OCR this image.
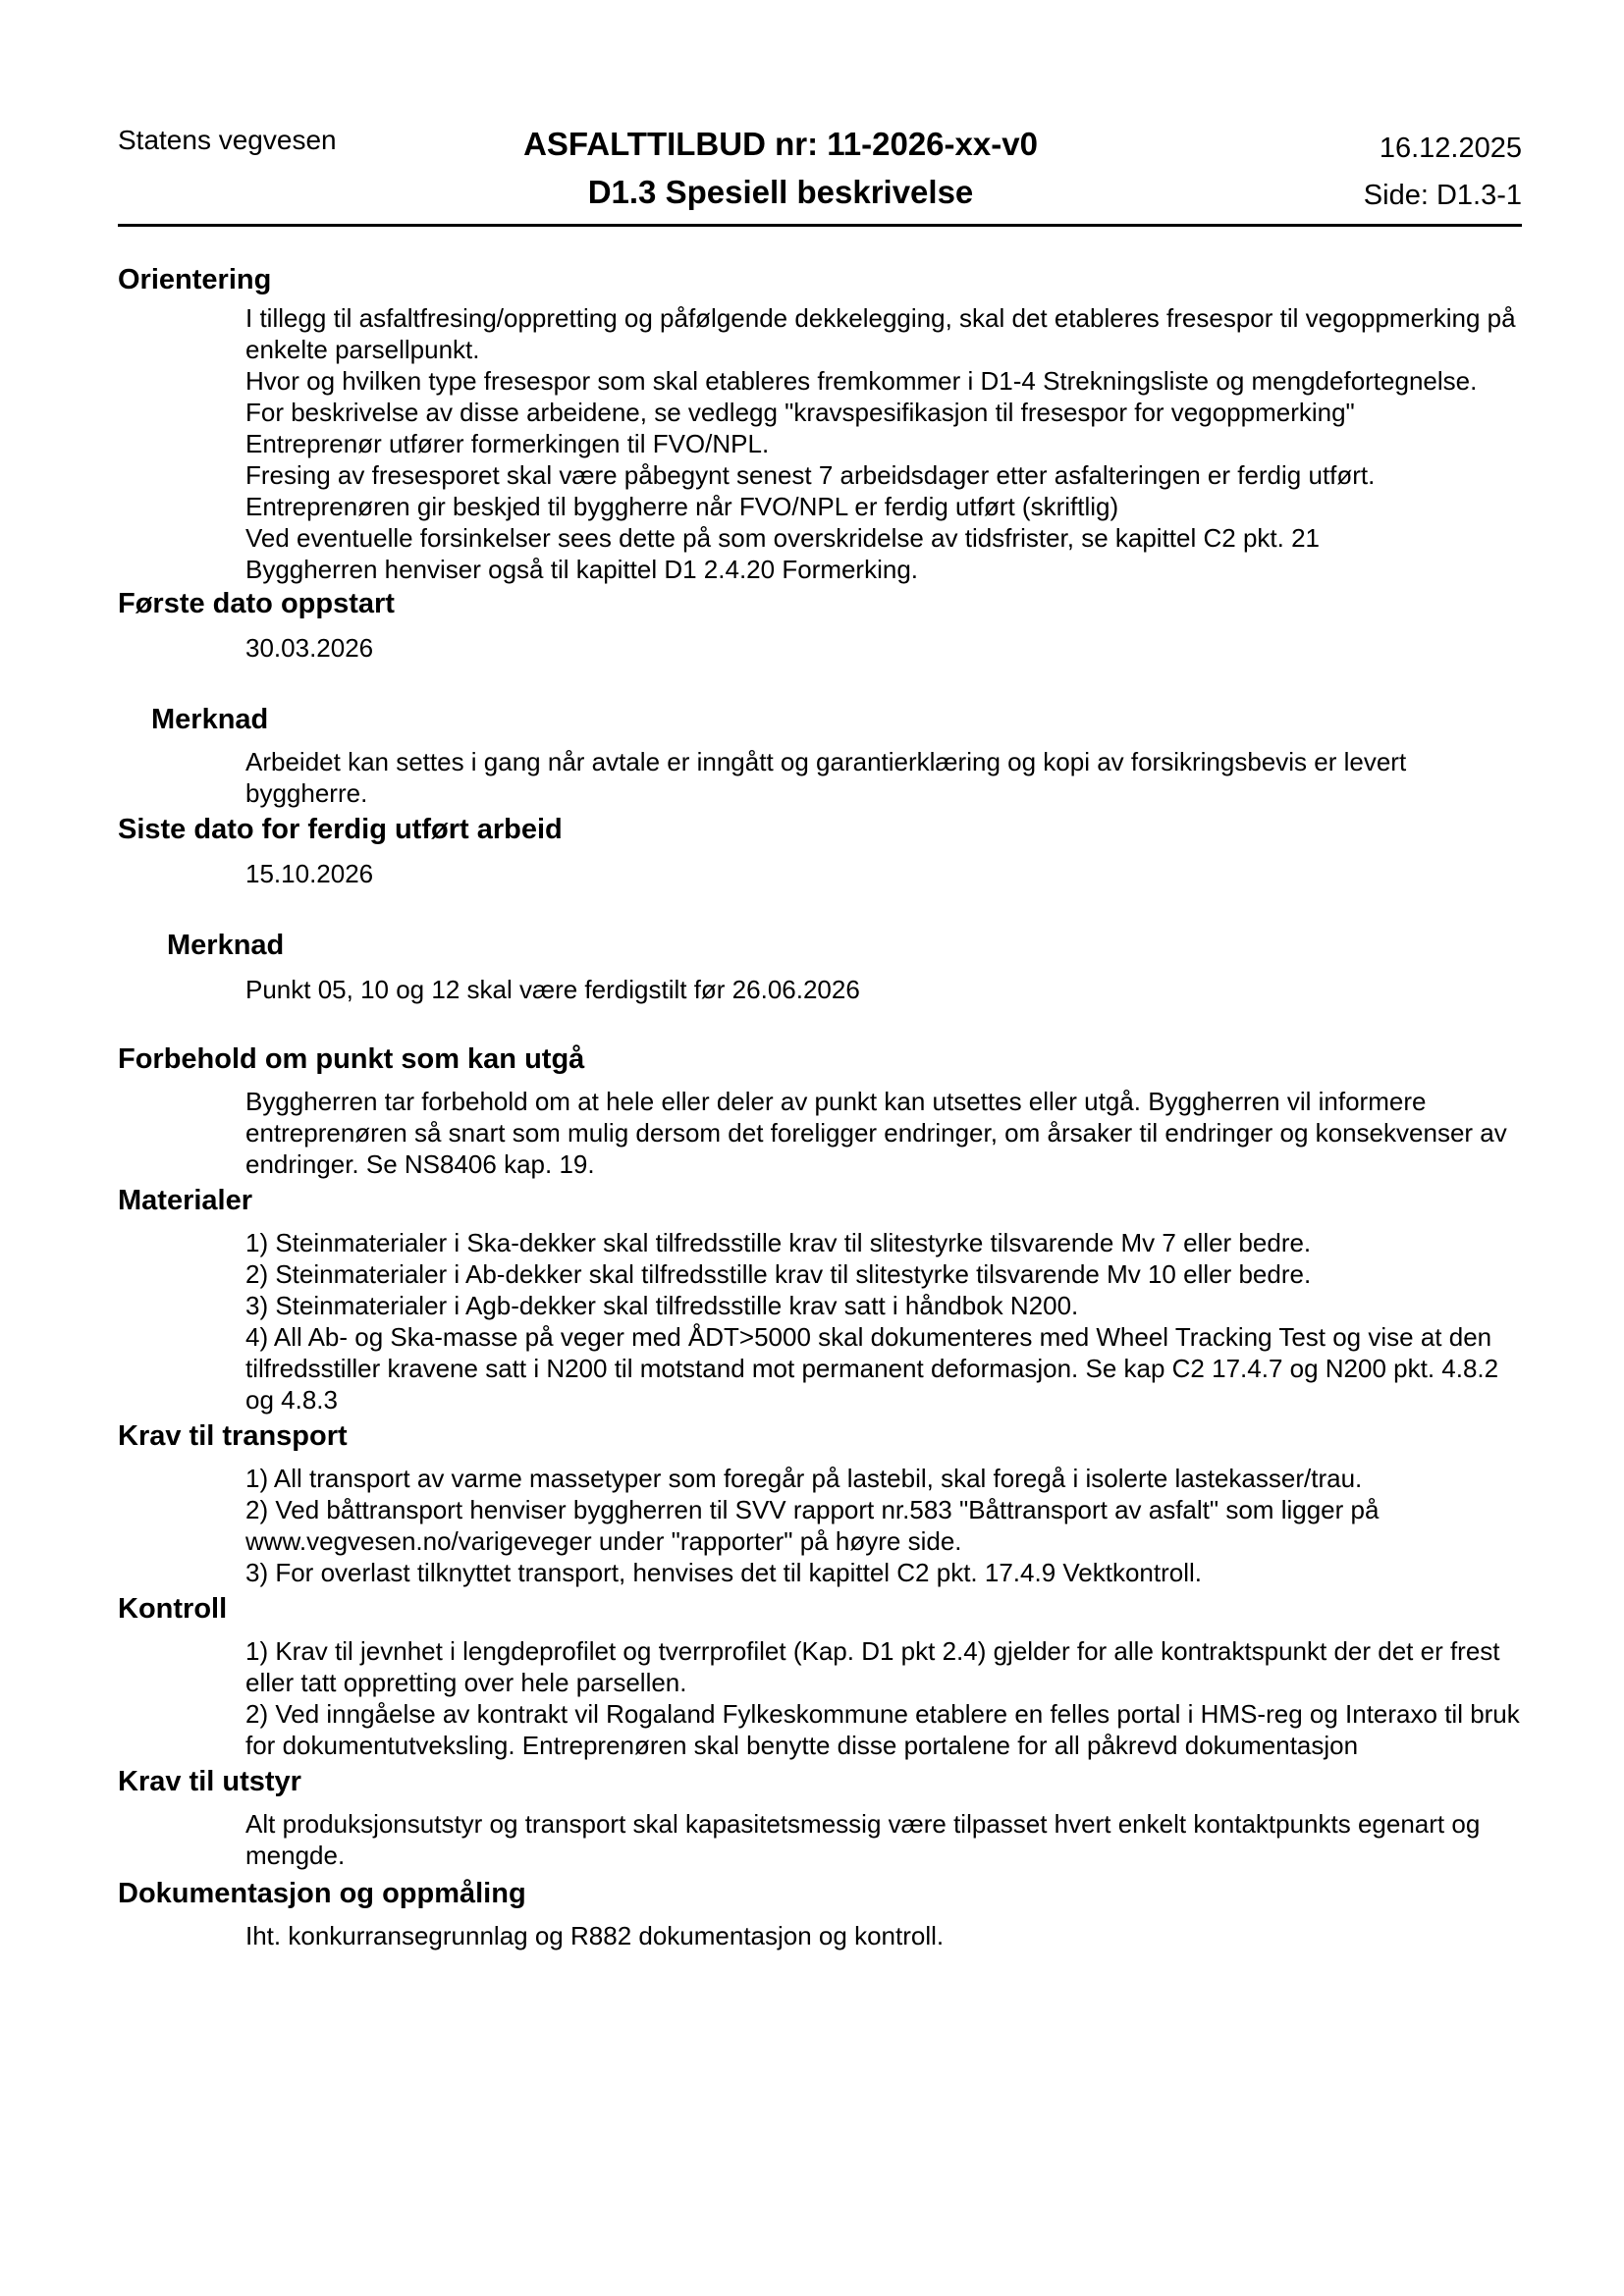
Statens vegvesen	ASFALTTILBUD nr: 11-2026-xx-v0
D1.3 Spesiell beskrivelse
16.12.2025
Side: D1.3-1
Orientering

I tillegg til asfaltfresing/oppretting og påfølgende dekkelegging, skal det etableres fresespor til vegoppmerking på enkelte parsellpunkt.

Hvor og hvilken type fresespor som skal etableres fremkommer i D1-4 Strekningsliste og mengdefortegnelse.

For beskrivelse av disse arbeidene, se vedlegg "kravspesifikasjon til fresespor for vegoppmerking"

Entreprenør utfører formerkingen til FVO/NPL.

Fresing av fresesporet skal være påbegynt senest 7 arbeidsdager etter asfalteringen er ferdig utført.

Entreprenøren gir beskjed til byggherre når FVO/NPL er ferdig utført (skriftlig)

Ved eventuelle forsinkelser sees dette på som overskridelse av tidsfrister, se kapittel C2 pkt. 21

Byggherren henviser også til kapittel D1 2.4.20 Formerking.

Første dato oppstart
30.03.2026
Merknad
Arbeidet kan settes i gang når avtale er inngått og garantierklæring og kopi av forsikringsbevis er levert byggherre.
Siste dato for ferdig utført arbeid
15.10.2026
Merknad
Punkt 05, 10 og 12 skal være ferdigstilt før 26.06.2026
Forbehold om punkt som kan utgå
Byggherren tar forbehold om at hele eller deler av punkt kan utsettes eller utgå. Byggherren vil informere entreprenøren så snart som mulig dersom det foreligger endringer, om årsaker til endringer og konsekvenser av endringer. Se NS8406 kap. 19.
Materialer

1) Steinmaterialer i Ska-dekker skal tilfredsstille krav til slitestyrke tilsvarende Mv 7 eller bedre.

2) Steinmaterialer i Ab-dekker skal tilfredsstille krav til slitestyrke tilsvarende Mv 10 eller bedre.

3) Steinmaterialer i Agb-dekker skal tilfredsstille krav satt i håndbok N200.

4) All Ab- og Ska-masse på veger med ÅDT>5000 skal dokumenteres med Wheel Tracking Test og vise at den tilfredsstiller kravene satt i N200 til motstand mot permanent deformasjon. Se kap C2 17.4.7 og N200 pkt. 4.8.2 og 4.8.3

Krav til transport

1) All transport av varme massetyper som foregår på lastebil, skal foregå i isolerte lastekasser/trau.

2) Ved båttransport henviser byggherren til SVV rapport nr.583 "Båttransport av asfalt" som ligger på www.vegvesen.no/varigeveger under "rapporter" på høyre side.

3) For overlast tilknyttet transport, henvises det til kapittel C2 pkt. 17.4.9 Vektkontroll.

Kontroll

1) Krav til jevnhet i lengdeprofilet og tverrprofilet (Kap. D1 pkt 2.4) gjelder for alle kontraktspunkt der det er frest eller tatt oppretting over hele parsellen.

2) Ved inngåelse av kontrakt vil Rogaland Fylkeskommune etablere en felles portal i HMS-reg og Interaxo til bruk for dokumentutveksling. Entreprenøren skal benytte disse portalene for all påkrevd dokumentasjon

Krav til utstyr
Alt produksjonsutstyr og transport skal kapasitetsmessig være tilpasset hvert enkelt kontaktpunkts egenart og mengde.
Dokumentasjon og oppmåling
Iht. konkurransegrunnlag og R882 dokumentasjon og kontroll.
